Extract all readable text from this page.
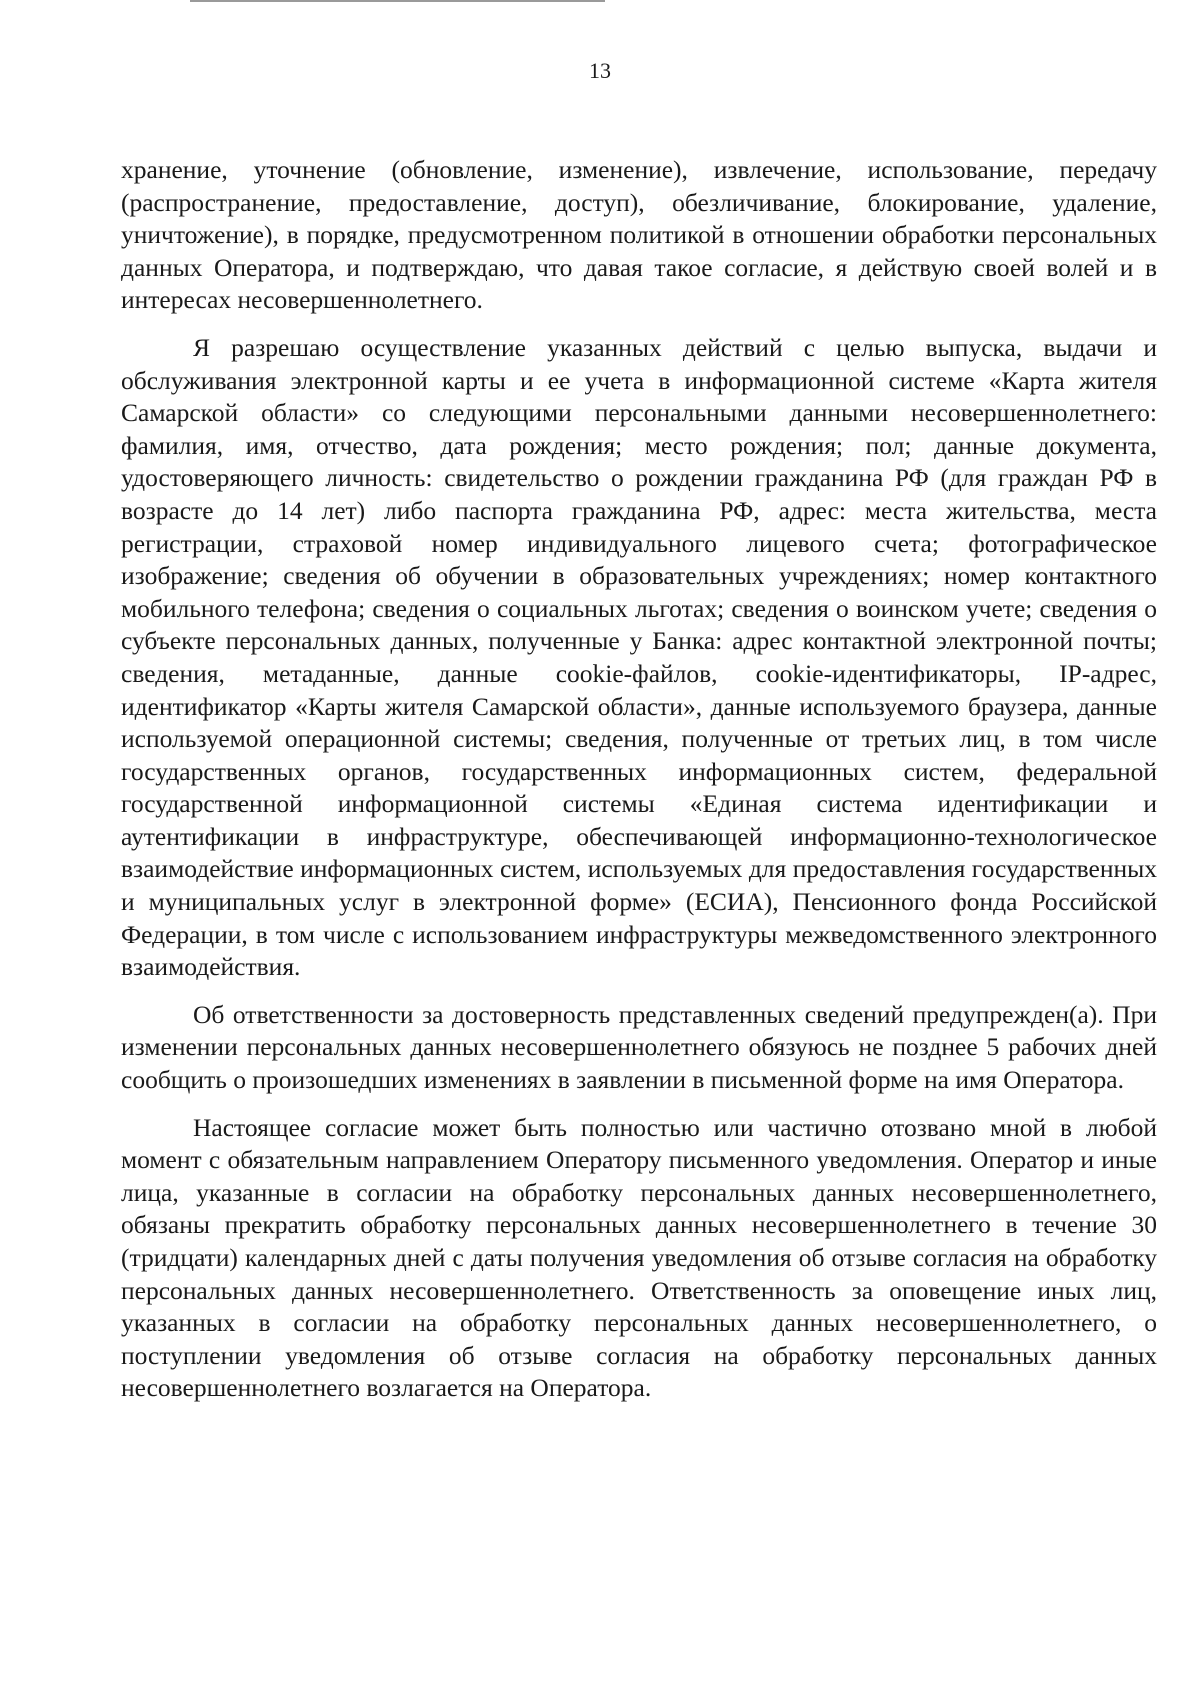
13

хранение, уточнение (обновление, изменение), извлечение, использование, передачу (распространение, предоставление, доступ), обезличивание, блокирование, удаление, уничтожение), в порядке, предусмотренном политикой в отношении обработки персональных данных Оператора, и подтверждаю, что давая такое согласие, я действую своей волей и в интересах несовершеннолетнего.

Я разрешаю осуществление указанных действий с целью выпуска, выдачи и обслуживания электронной карты и ее учета в информационной системе «Карта жителя Самарской области» со следующими персональными данными несовершеннолетнего: фамилия, имя, отчество, дата рождения; место рождения; пол; данные документа, удостоверяющего личность: свидетельство о рождении гражданина РФ (для граждан РФ в возрасте до 14 лет) либо паспорта гражданина РФ, адрес: места жительства, места регистрации, страховой номер индивидуального лицевого счета; фотографическое изображение; сведения об обучении в образовательных учреждениях; номер контактного мобильного телефона; сведения о социальных льготах; сведения о воинском учете; сведения о субъекте персональных данных, полученные у Банка: адрес контактной электронной почты; сведения, метаданные, данные cookie-файлов, cookie-идентификаторы, IP-адрес, идентификатор «Карты жителя Самарской области», данные используемого браузера, данные используемой операционной системы; сведения, полученные от третьих лиц, в том числе государственных органов, государственных информационных систем, федеральной государственной информационной системы «Единая система идентификации и аутентификации в инфраструктуре, обеспечивающей информационно-технологическое взаимодействие информационных систем, используемых для предоставления государственных и муниципальных услуг в электронной форме» (ЕСИА), Пенсионного фонда Российской Федерации, в том числе с использованием инфраструктуры межведомственного электронного взаимодействия.

Об ответственности за достоверность представленных сведений предупрежден(а). При изменении персональных данных несовершеннолетнего обязуюсь не позднее 5 рабочих дней сообщить о произошедших изменениях в заявлении в письменной форме на имя Оператора.

Настоящее согласие может быть полностью или частично отозвано мной в любой момент с обязательным направлением Оператору письменного уведомления. Оператор и иные лица, указанные в согласии на обработку персональных данных несовершеннолетнего, обязаны прекратить обработку персональных данных несовершеннолетнего в течение 30 (тридцати) календарных дней с даты получения уведомления об отзыве согласия на обработку персональных данных несовершеннолетнего. Ответственность за оповещение иных лиц, указанных в согласии на обработку персональных данных несовершеннолетнего, о поступлении уведомления об отзыве согласия на обработку персональных данных несовершеннолетнего возлагается на Оператора.
